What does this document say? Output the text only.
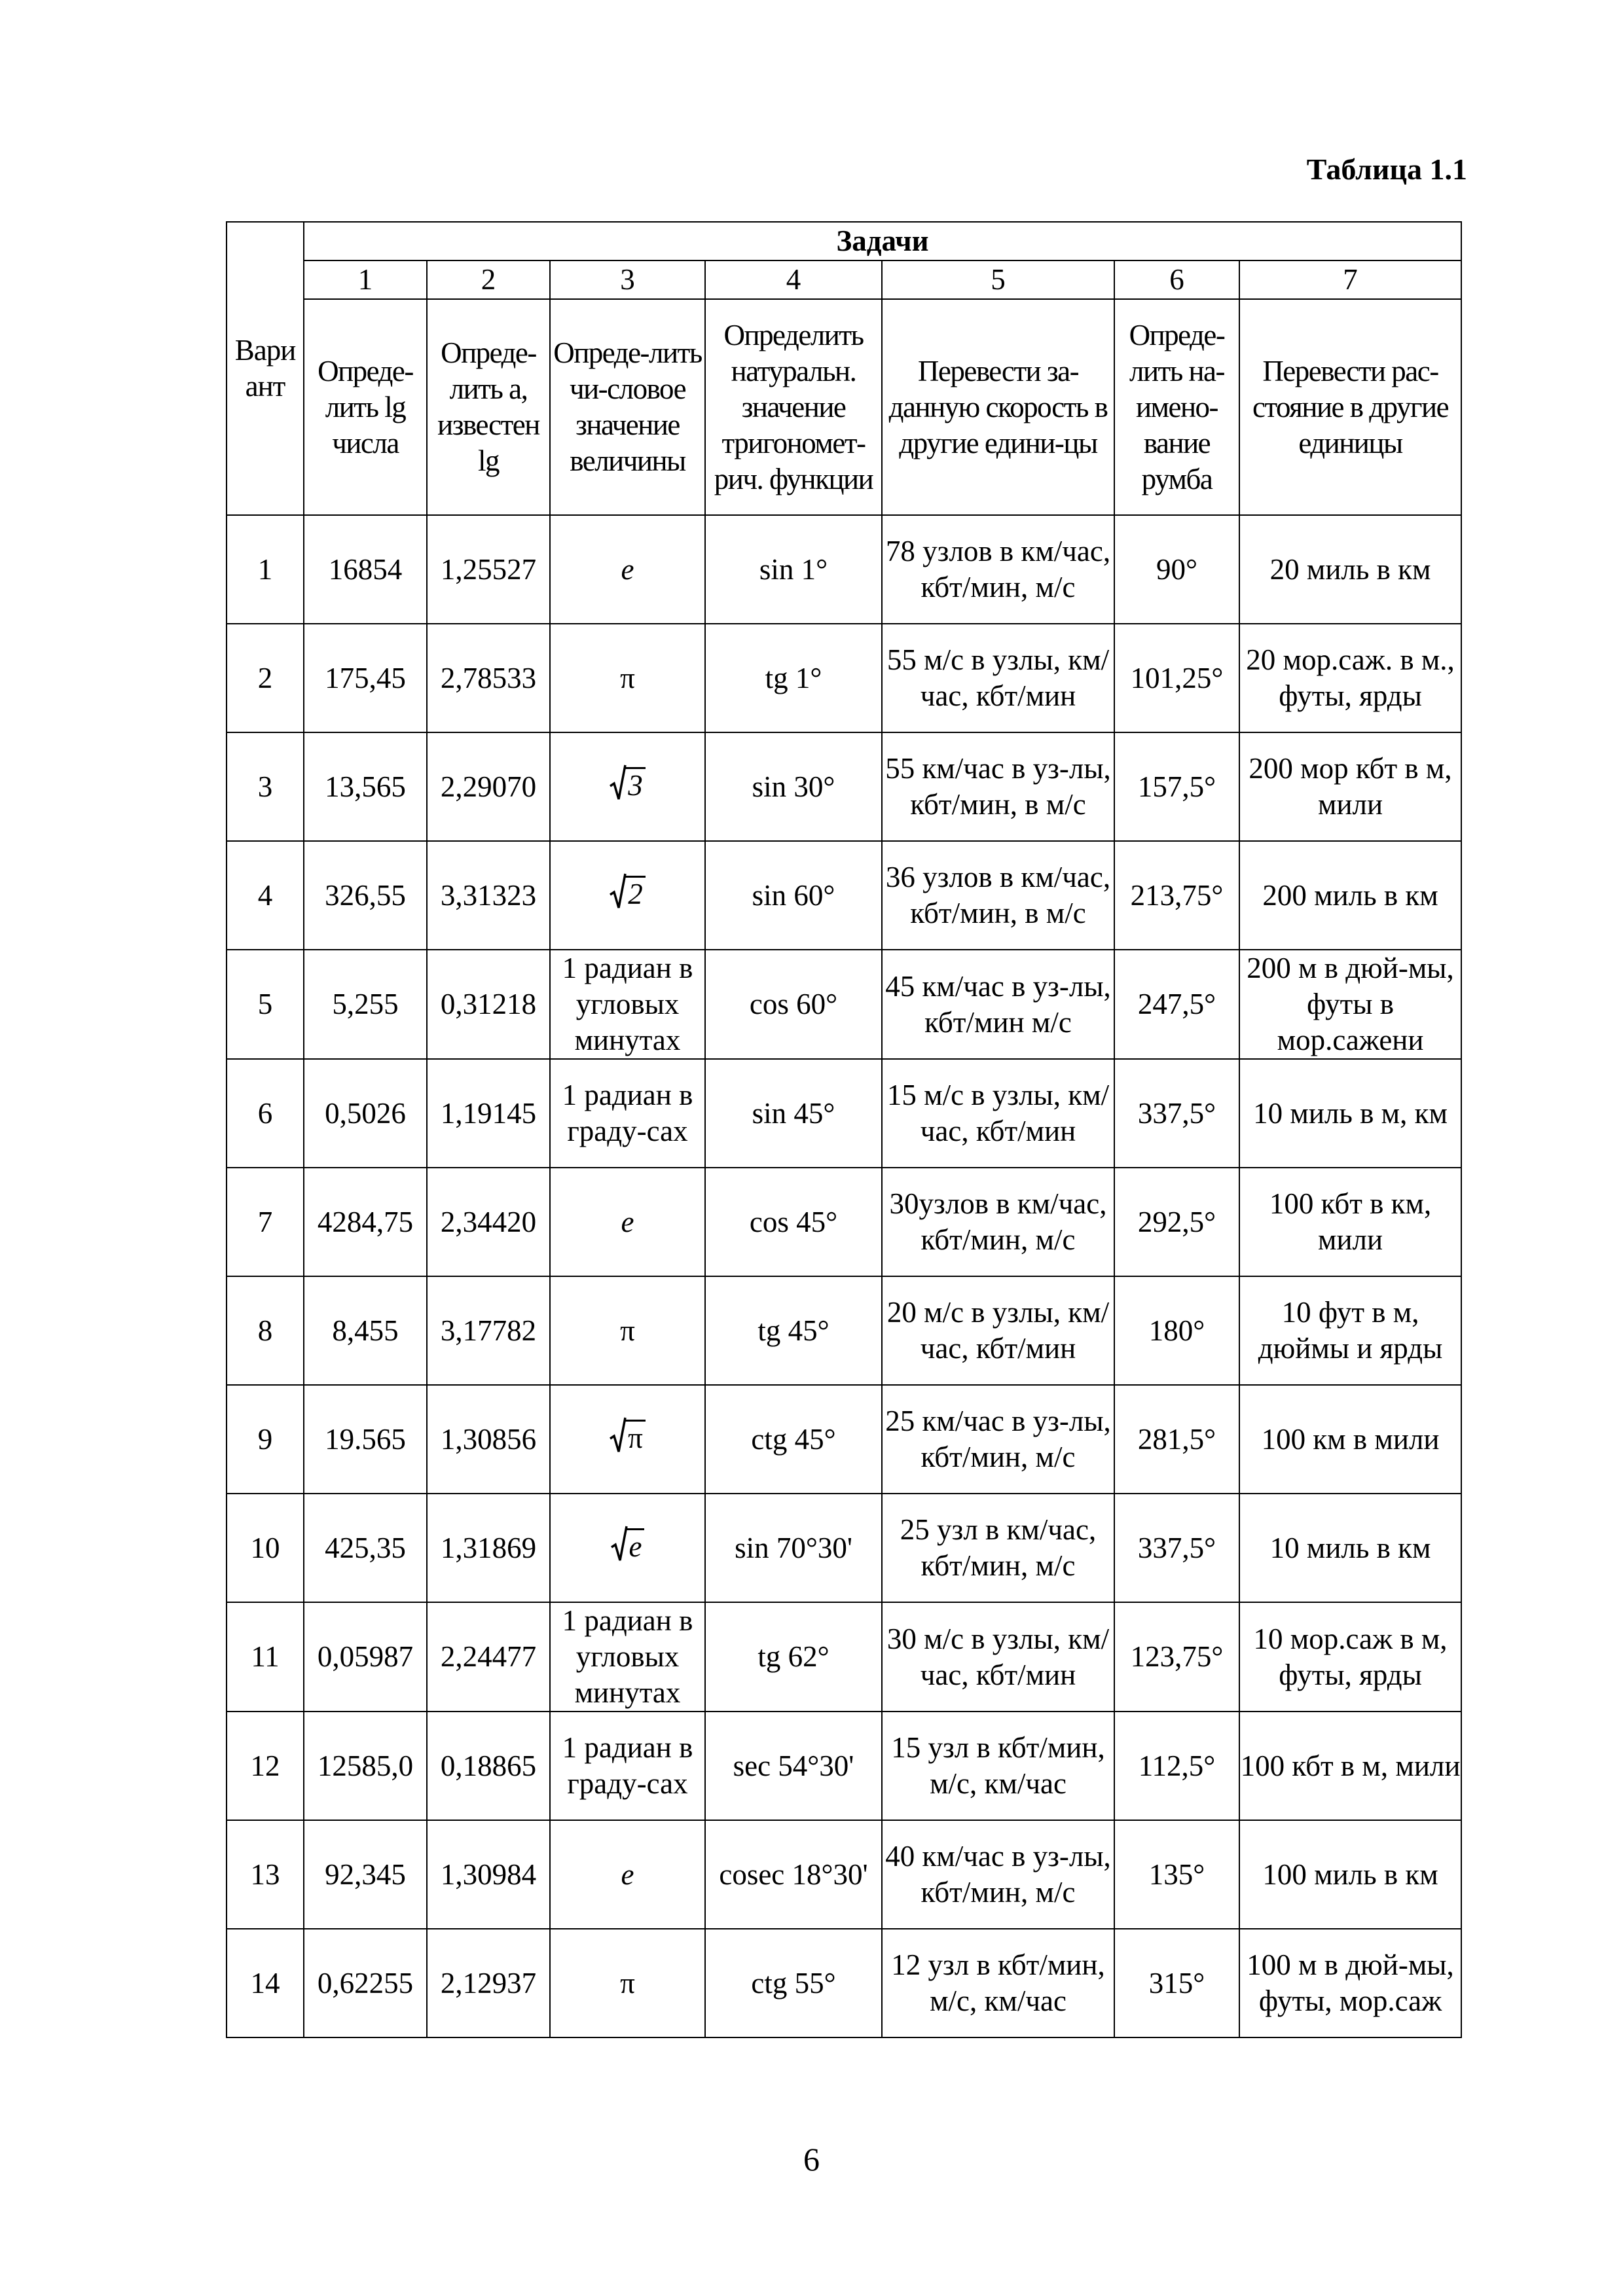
Таблица 1.1
Вари ант	Задачи						
	1	2	3	4	5	6	7
	Опреде-лить lg числа	Опреде-лить a, известен lg	Опреде-лить чи-словое значение величины	Определить натуральн. значение тригономет-рич. функции	Перевести за-данную скорость в другие едини-цы	Опреде-лить на-имено-вание румба	Перевести рас-стояние в другие единицы
1	16854	1,25527	e	sin 1°	78 узлов в км/час, кбт/мин, м/с	90°	20 миль в км
2	175,45	2,78533	π	tg 1°	55 м/с в узлы, км/час, кбт/мин	101,25°	20 мор.саж. в м., футы, ярды
3	13,565	2,29070	3	sin 30°	55 км/час в уз-лы, кбт/мин, в м/с	157,5°	200 мор кбт в м, мили
4	326,55	3,31323	2	sin 60°	36 узлов в км/час, кбт/мин, в м/с	213,75°	200 миль в км
5	5,255	0,31218	1 радиан в угловых минутах	cos 60°	45 км/час в уз-лы, кбт/мин м/с	247,5°	200 м в дюй-мы, футы в мор.сажени
6	0,5026	1,19145	1 радиан в граду-сах	sin 45°	15 м/с в узлы, км/час, кбт/мин	337,5°	10 миль в м, км
7	4284,75	2,34420	e	cos 45°	30узлов в км/час, кбт/мин, м/с	292,5°	100 кбт в км, мили
8	8,455	3,17782	π	tg 45°	20 м/с в узлы, км/час, кбт/мин	180°	10 фут в м, дюймы и ярды
9	19.565	1,30856	π	ctg 45°	25 км/час в уз-лы, кбт/мин, м/с	281,5°	100 км в мили
10	425,35	1,31869	e	sin 70°30'	25 узл в км/час, кбт/мин, м/с	337,5°	10 миль в км
11	0,05987	2,24477	1 радиан в угловых минутах	tg 62°	30 м/с в узлы, км/час, кбт/мин	123,75°	10 мор.саж в м, футы, ярды
12	12585,0	0,18865	1 радиан в граду-сах	sec 54°30'	15 узл в кбт/мин, м/с, км/час	112,5°	100 кбт в м, мили
13	92,345	1,30984	e	cosec 18°30'	40 км/час в уз-лы, кбт/мин, м/с	135°	100 миль в км
14	0,62255	2,12937	π	ctg 55°	12 узл в кбт/мин, м/с, км/час	315°	100 м в дюй-мы, футы, мор.саж
6
